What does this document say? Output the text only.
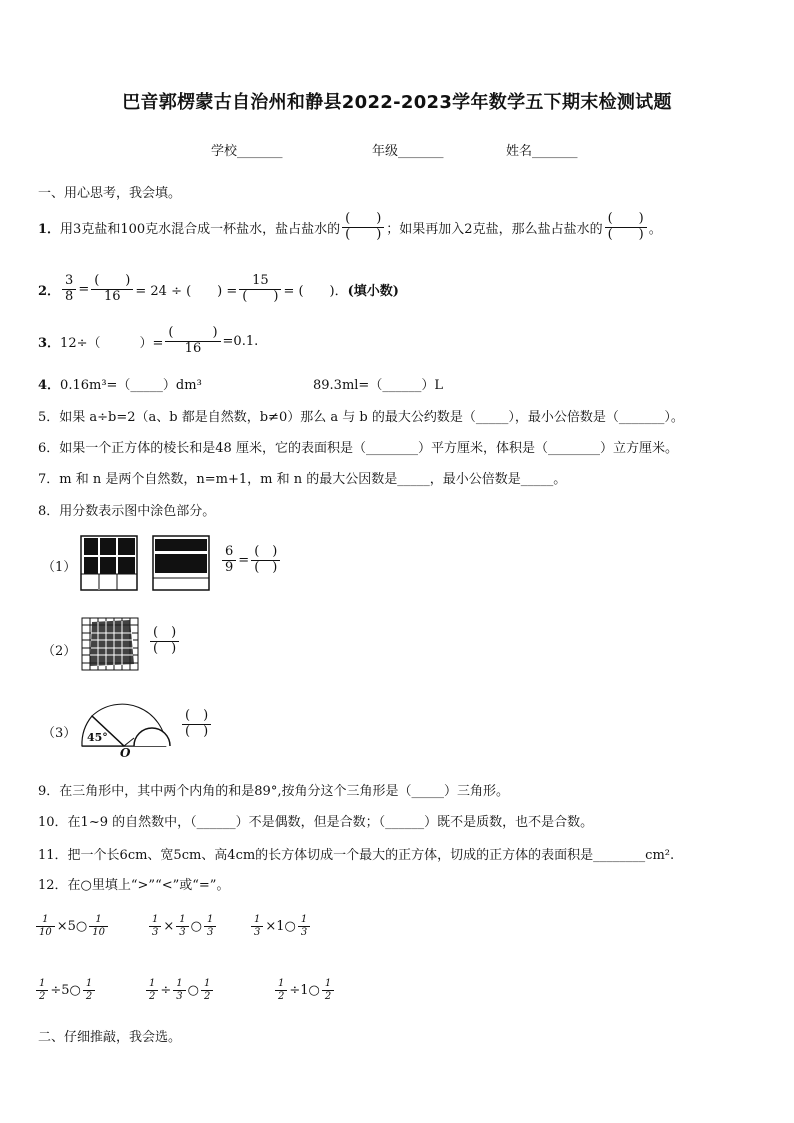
巴音郭楞蒙古自治州和静县2022-2023学年数学五下期末检测试题
学校_______	年级_______	姓名_______
一、用心思考，我会填。
1． 用3克盐和100克水混合成一杯盐水，盐占盐水的 $\frac{( )}{( )}$ ；如果再加入2克盐，那么盐占盐水的 $\frac{( )}{( )}$ 。
2． $\frac{3}{8} = \frac{( )}{16} = 24$ ÷ (　　) = $\frac{15}{( )}$ = (　　)． (填小数)
3． 12÷（　　　）= $\frac{( )}{16} =0.1$.
4．0.16m³=（_____）dm³	89.3ml=（______）L
5．如果 a÷b=2（a、b 都是自然数，b≠0）那么 a 与 b 的最大公约数是（_____），最小公倍数是（_______）。
6．如果一个正方体的棱长和是48 厘米，它的表面积是（________）平方厘米，体积是（________）立方厘米。
7．m 和 n 是两个自然数，n=m+1，m 和 n 的最大公因数是_____，最小公倍数是_____。
8．用分数表示图中涂色部分。
（1）	$\frac{6}{9} = \frac{( )}{( )}$
（2）	$\frac{( )}{( )}$
（3） 45°
O
$\frac{( )}{( )}$
9．在三角形中，其中两个内角的和是89°,按角分这个三角形是（_____）三角形。
10．在1~9 的自然数中，（______）不是偶数，但是合数；（______）既不是质数，也不是合数。
11．把一个长6cm、宽5cm、高4cm的长方体切成一个最大的正方体，切成的正方体的表面积是________cm².
12．在○里填上“>”“<”或“=”。
$\frac{1}{10}$ ×5○ $\frac{1}{10}$	$\frac{1}{3} \times \frac{1}{3}$ ○ $\frac{1}{3}$	$\frac{1}{3}$ ×1○ $\frac{1}{3}$
$\frac{1}{2}$ ÷5○ $\frac{1}{2}$	$\frac{1}{2} \div \frac{1}{3}$ ○ $\frac{1}{2}$	$\frac{1}{2}$ ÷1○ $\frac{1}{2}$
二、仔细推敲，我会选。
